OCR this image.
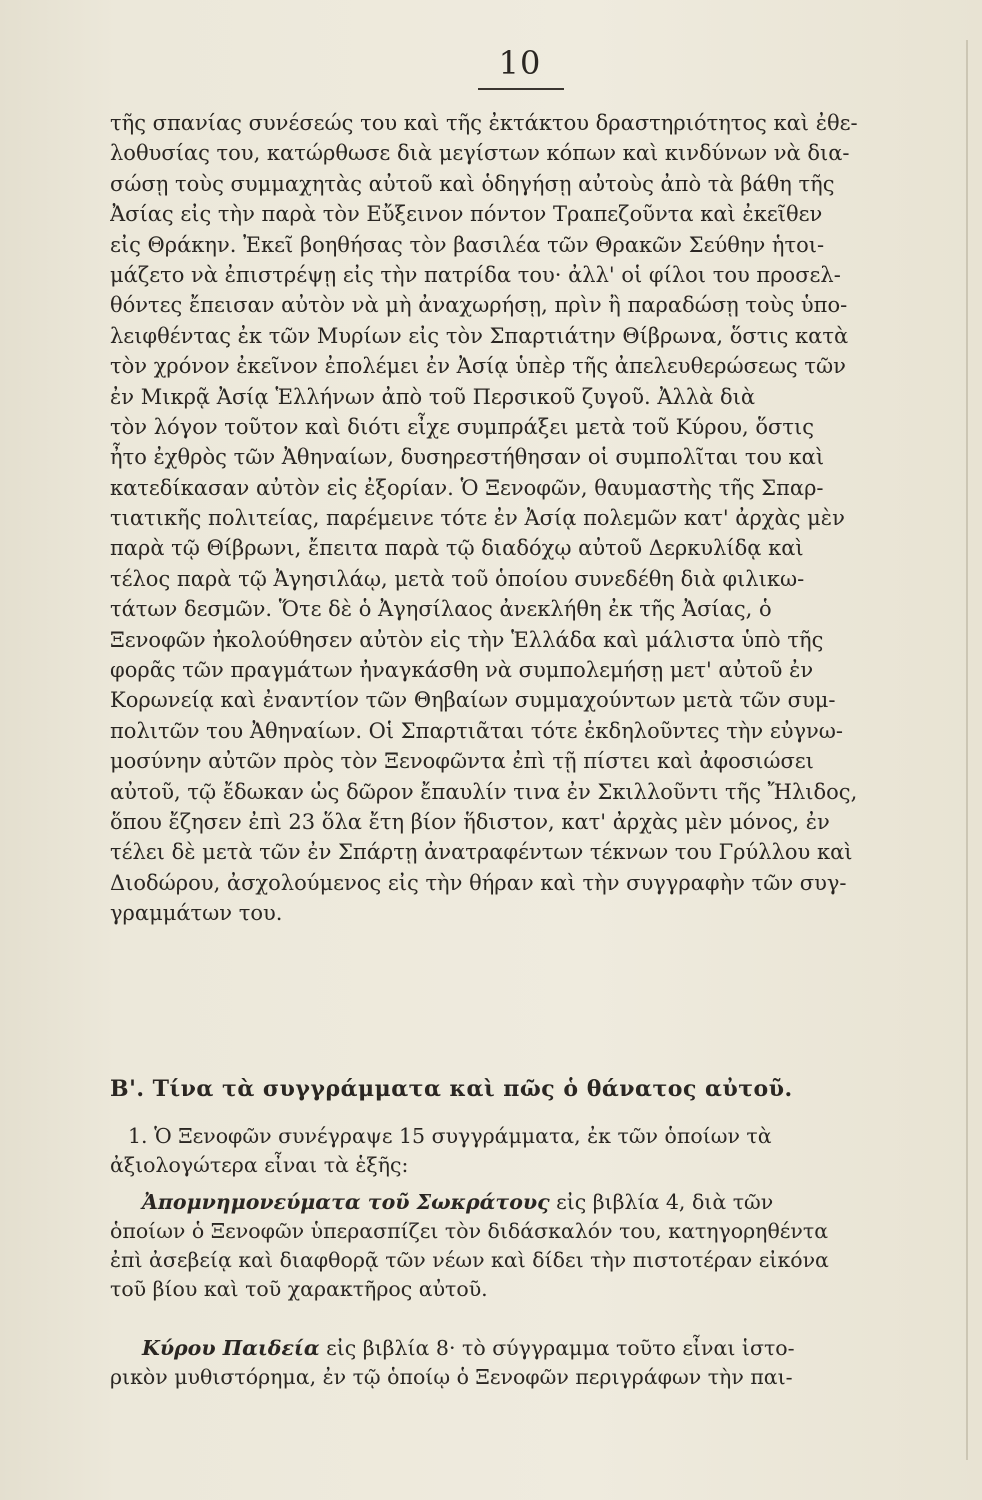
10
τῆς σπανίας συνέσεώς του καὶ τῆς ἐκτάκτου δραστηριότητος καὶ ἐθε-
λοθυσίας του, κατώρθωσε διὰ μεγίστων κόπων καὶ κινδύνων νὰ δια-
σώσῃ τοὺς συμμαχητὰς αὐτοῦ καὶ ὁδηγήσῃ αὐτοὺς ἀπὸ τὰ βάθη τῆς
Ἀσίας εἰς τὴν παρὰ τὸν Εὔξεινον πόντον Τραπεζοῦντα καὶ ἐκεῖθεν
εἰς Θράκην. Ἐκεῖ βοηθήσας τὸν βασιλέα τῶν Θρακῶν Σεύθην ἡτοι-
μάζετο νὰ ἐπιστρέψῃ εἰς τὴν πατρίδα του· ἀλλ' οἱ φίλοι του προσελ-
θόντες ἔπεισαν αὐτὸν νὰ μὴ ἀναχωρήσῃ, πρὶν ἢ παραδώσῃ τοὺς ὑπο-
λειφθέντας ἐκ τῶν Μυρίων εἰς τὸν Σπαρτιάτην Θίβρωνα, ὅστις κατὰ
τὸν χρόνον ἐκεῖνον ἐπολέμει ἐν Ἀσίᾳ ὑπὲρ τῆς ἀπελευθερώσεως τῶν
ἐν Μικρᾷ Ἀσίᾳ Ἑλλήνων ἀπὸ τοῦ Περσικοῦ ζυγοῦ. Ἀλλὰ διὰ
τὸν λόγον τοῦτον καὶ διότι εἶχε συμπράξει μετὰ τοῦ Κύρου, ὅστις
ἦτο ἐχθρὸς τῶν Ἀθηναίων, δυσηρεστήθησαν οἱ συμπολῖται του καὶ
κατεδίκασαν αὐτὸν εἰς ἐξορίαν. Ὁ Ξενοφῶν, θαυμαστὴς τῆς Σπαρ-
τιατικῆς πολιτείας, παρέμεινε τότε ἐν Ἀσίᾳ πολεμῶν κατ' ἀρχὰς μὲν
παρὰ τῷ Θίβρωνι, ἔπειτα παρὰ τῷ διαδόχῳ αὐτοῦ Δερκυλίδᾳ καὶ
τέλος παρὰ τῷ Ἀγησιλάῳ, μετὰ τοῦ ὁποίου συνεδέθη διὰ φιλικω-
τάτων δεσμῶν. Ὅτε δὲ ὁ Ἀγησίλαος ἀνεκλήθη ἐκ τῆς Ἀσίας, ὁ
Ξενοφῶν ἠκολούθησεν αὐτὸν εἰς τὴν Ἑλλάδα καὶ μάλιστα ὑπὸ τῆς
φορᾶς τῶν πραγμάτων ἠναγκάσθη νὰ συμπολεμήσῃ μετ' αὐτοῦ ἐν
Κορωνείᾳ καὶ ἐναντίον τῶν Θηβαίων συμμαχούντων μετὰ τῶν συμ-
πολιτῶν του Ἀθηναίων. Οἱ Σπαρτιᾶται τότε ἐκδηλοῦντες τὴν εὐγνω-
μοσύνην αὐτῶν πρὸς τὸν Ξενοφῶντα ἐπὶ τῇ πίστει καὶ ἀφοσιώσει
αὐτοῦ, τῷ ἔδωκαν ὡς δῶρον ἔπαυλίν τινα ἐν Σκιλλοῦντι τῆς Ἤλιδος,
ὅπου ἔζησεν ἐπὶ 23 ὅλα ἔτη βίον ἥδιστον, κατ' ἀρχὰς μὲν μόνος, ἐν
τέλει δὲ μετὰ τῶν ἐν Σπάρτῃ ἀνατραφέντων τέκνων του Γρύλλου καὶ
Διοδώρου, ἀσχολούμενος εἰς τὴν θήραν καὶ τὴν συγγραφὴν τῶν συγ-
γραμμάτων του.
Β'. Τίνα τὰ συγγράμματα καὶ πῶς ὁ θάνατος αὐτοῦ.
1. Ὁ Ξενοφῶν συνέγραψε 15 συγγράμματα, ἐκ τῶν ὁποίων τὰ
ἀξιολογώτερα εἶναι τὰ ἑξῆς:
Ἀπομνημονεύματα τοῦ Σωκράτους εἰς βιβλία 4, διὰ τῶν
ὁποίων ὁ Ξενοφῶν ὑπερασπίζει τὸν διδάσκαλόν του, κατηγορηθέντα
ἐπὶ ἀσεβείᾳ καὶ διαφθορᾷ τῶν νέων καὶ δίδει τὴν πιστοτέραν εἰκόνα
τοῦ βίου καὶ τοῦ χαρακτῆρος αὐτοῦ.
Κύρου Παιδεία εἰς βιβλία 8· τὸ σύγγραμμα τοῦτο εἶναι ἱστο-
ρικὸν μυθιστόρημα, ἐν τῷ ὁποίῳ ὁ Ξενοφῶν περιγράφων τὴν παι-
